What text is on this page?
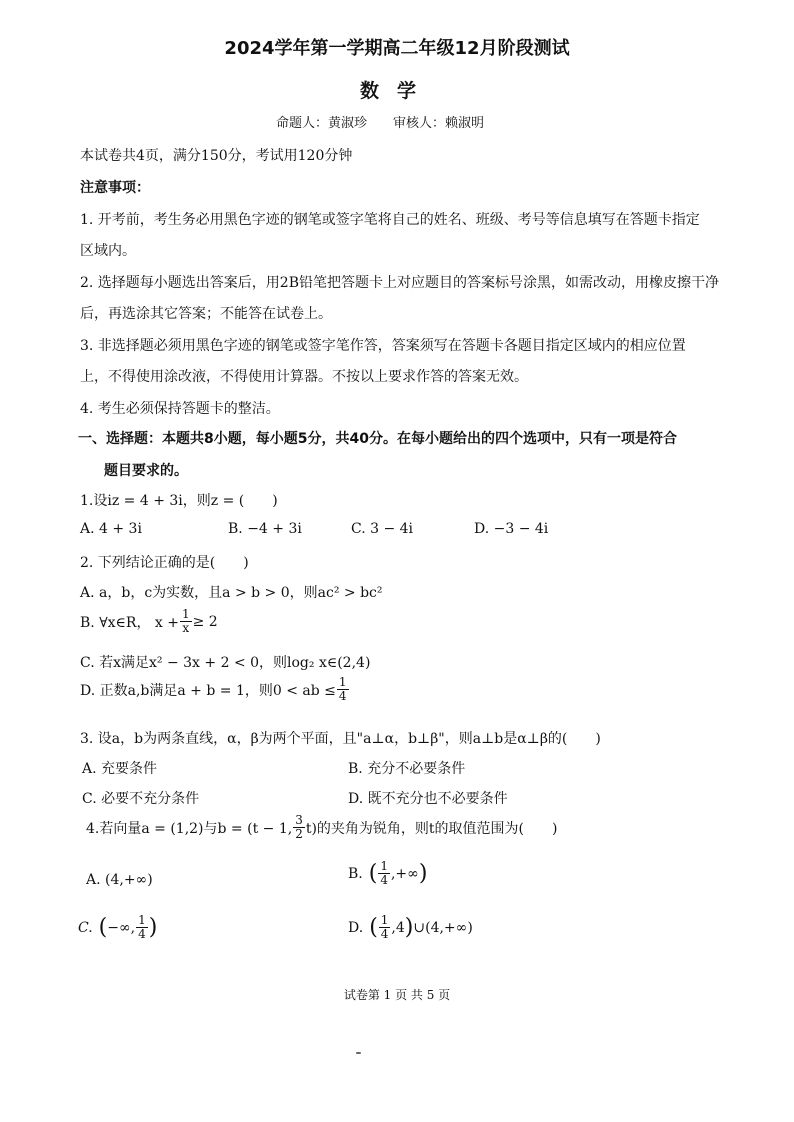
2024学年第一学期高二年级12月阶段测试
数学
命题人：黄淑珍　　审核人：赖淑明
本试卷共4页，满分150分，考试用120分钟
注意事项：
1. 开考前，考生务必用黑色字迹的钢笔或签字笔将自己的姓名、班级、考号等信息填写在答题卡指定
区域内。
2. 选择题每小题选出答案后，用2B铅笔把答题卡上对应题目的答案标号涂黑，如需改动，用橡皮擦干净
后，再选涂其它答案；不能答在试卷上。
3. 非选择题必须用黑色字迹的钢笔或签字笔作答，答案须写在答题卡各题目指定区域内的相应位置
上，不得使用涂改液，不得使用计算器。不按以上要求作答的答案无效。
4. 考生必须保持答题卡的整洁。
一、选择题：本题共8小题，每小题5分，共40分。在每小题给出的四个选项中，只有一项是符合
题目要求的。
1.设iz = 4 + 3i，则z = (　　)
A. 4 + 3i	B. −4 + 3i	C. 3 − 4i	D. −3 − 4i
2. 下列结论正确的是(　　)
A. a，b，c为实数，且a > b > 0，则ac² > bc²
B. ∀x∈R， $x + \frac{1}{x} \ge 2$
C. 若x满足x² − 3x + 2 < 0，则log₂ x∈(2,4)
D. 正数a,b满足a + b = 1，则0 < ab ≤ $\frac{1}{4}$
3. 设a，b为两条直线，α，β为两个平面，且"a⊥α，b⊥β"，则a⊥b是α⊥β的(　　)
A. 充要条件	B. 充分不必要条件
C. 必要不充分条件	D. 既不充分也不必要条件
4.若向量a = (1,2)与b = (t − 1, $\frac{3}{2} t$)的夹角为锐角，则t的取值范围为(　　)
A. (4,+∞)	B. ( $\frac{1}{4}$ ,+∞ )
C. ( −∞, $\frac{1}{4}$ )	D. ( $\frac{1}{4} ,4$ ) ∪(4,+∞)
试卷第 1 页 共 5 页
